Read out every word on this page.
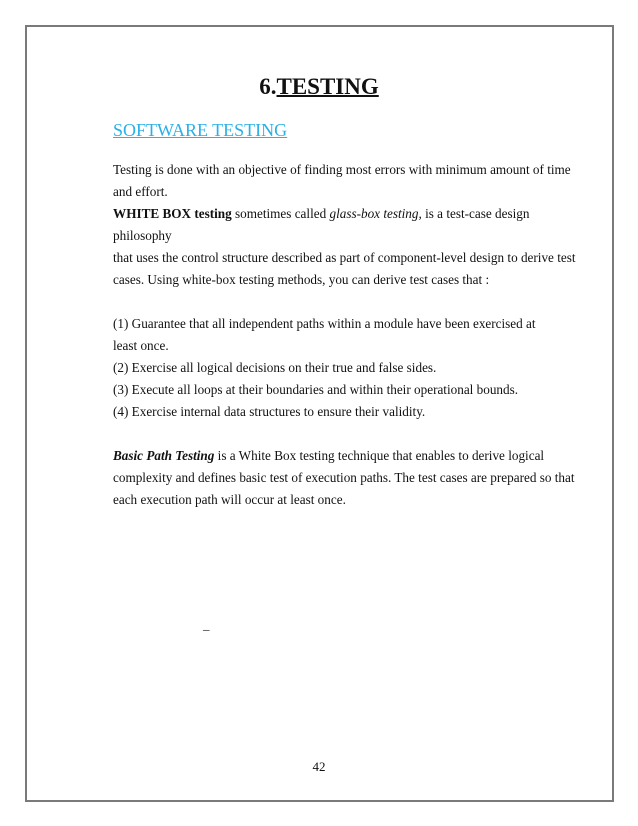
6.TESTING
SOFTWARE TESTING
Testing is done with an objective of finding most errors with minimum amount of time
and effort.
WHITE BOX testing sometimes called glass-box testing, is a test-case design
philosophy
that uses the control structure described as part of component-level design to derive test
cases. Using white-box testing methods, you can derive test cases that :
(1) Guarantee that all independent paths within a module have been exercised at
least once.
(2) Exercise all logical decisions on their true and false sides.
(3) Execute all loops at their boundaries and within their operational bounds.
(4) Exercise internal data structures to ensure their validity.
Basic Path Testing is a White Box testing technique that enables to derive logical
complexity and defines basic test of execution paths. The test cases are prepared so that
each execution path will occur at least once.
_
42
